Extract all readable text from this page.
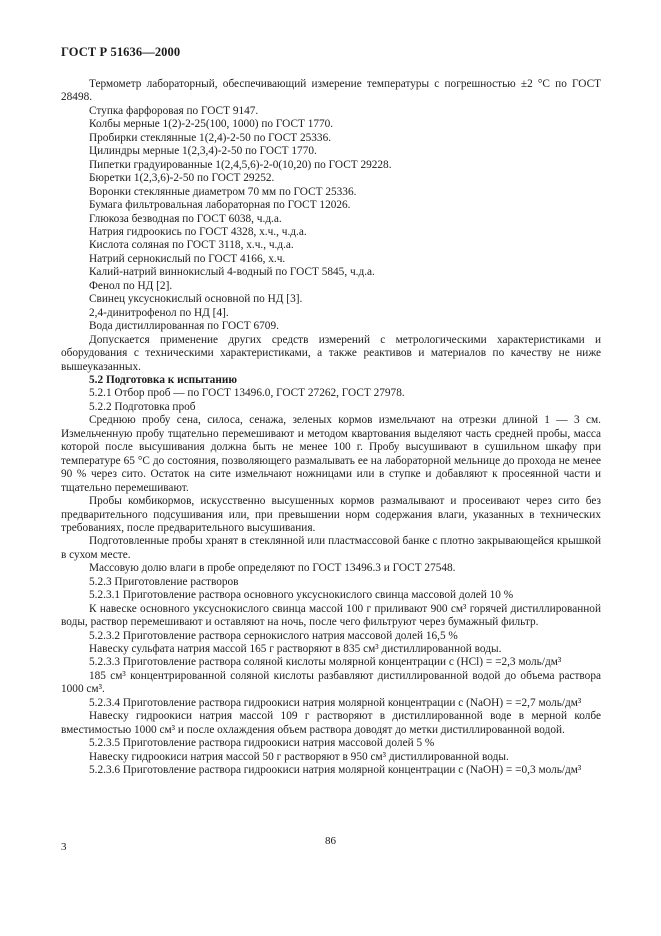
ГОСТ Р 51636—2000

Термометр лабораторный, обеспечивающий измерение температуры с погрешностью ±2 °С по ГОСТ 28498.

Ступка фарфоровая по ГОСТ 9147.

Колбы мерные 1(2)-2-25(100, 1000) по ГОСТ 1770.

Пробирки стеклянные 1(2,4)-2-50 по ГОСТ 25336.

Цилиндры мерные 1(2,3,4)-2-50 по ГОСТ 1770.

Пипетки градуированные 1(2,4,5,6)-2-0(10,20) по ГОСТ 29228.

Бюретки 1(2,3,6)-2-50 по ГОСТ 29252.

Воронки стеклянные диаметром 70 мм по ГОСТ 25336.

Бумага фильтровальная лабораторная по ГОСТ 12026.

Глюкоза безводная по ГОСТ 6038, ч.д.а.

Натрия гидроокись по ГОСТ 4328, х.ч., ч.д.а.

Кислота соляная по ГОСТ 3118, х.ч., ч.д.а.

Натрий сернокислый по ГОСТ 4166, х.ч.

Калий-натрий виннокислый 4-водный по ГОСТ 5845, ч.д.а.

Фенол по НД [2].

Свинец уксуснокислый основной по НД [3].

2,4-динитрофенол по НД [4].

Вода дистиллированная по ГОСТ 6709.

Допускается применение других средств измерений с метрологическими характеристиками и оборудования с техническими характеристиками, а также реактивов и материалов по качеству не ниже вышеуказанных.

5.2 Подготовка к испытанию

5.2.1 Отбор проб — по ГОСТ 13496.0, ГОСТ 27262, ГОСТ 27978.

5.2.2 Подготовка проб

Среднюю пробу сена, силоса, сенажа, зеленых кормов измельчают на отрезки длиной 1 — 3 см. Измельченную пробу тщательно перемешивают и методом квартования выделяют часть средней пробы, масса которой после высушивания должна быть не менее 100 г. Пробу высушивают в сушильном шкафу при температуре 65 °С до состояния, позволяющего размалывать ее на лабораторной мельнице до прохода не менее 90 % через сито. Остаток на сите измельчают ножницами или в ступке и добавляют к просеянной части и тщательно перемешивают.

Пробы комбикормов, искусственно высушенных кормов размалывают и просеивают через сито без предварительного подсушивания или, при превышении норм содержания влаги, указанных в технических требованиях, после предварительного высушивания.

Подготовленные пробы хранят в стеклянной или пластмассовой банке с плотно закрывающейся крышкой в сухом месте.

Массовую долю влаги в пробе определяют по ГОСТ 13496.3 и ГОСТ 27548.

5.2.3 Приготовление растворов

5.2.3.1 Приготовление раствора основного уксуснокислого свинца массовой долей 10 %

К навеске основного уксуснокислого свинца массой 100 г приливают 900 см³ горячей дистиллированной воды, раствор перемешивают и оставляют на ночь, после чего фильтруют через бумажный фильтр.

5.2.3.2 Приготовление раствора сернокислого натрия массовой долей 16,5 %

Навеску сульфата натрия массой 165 г растворяют в 835 см³ дистиллированной воды.

5.2.3.3 Приготовление раствора соляной кислоты молярной концентрации с (HCl) = =2,3 моль/дм³

185 см³ концентрированной соляной кислоты разбавляют дистиллированной водой до объема раствора 1000 см³.

5.2.3.4 Приготовление раствора гидроокиси натрия молярной концентрации с (NaOH) = =2,7 моль/дм³

Навеску гидроокиси натрия массой 109 г растворяют в дистиллированной воде в мерной колбе вместимостью 1000 см³ и после охлаждения объем раствора доводят до метки дистиллированной водой.

5.2.3.5 Приготовление раствора гидроокиси натрия массовой долей 5 %

Навеску гидроокиси натрия массой 50 г растворяют в 950 см³ дистиллированной воды.

5.2.3.6 Приготовление раствора гидроокиси натрия молярной концентрации с (NaOH) = =0,3 моль/дм³

3	86
